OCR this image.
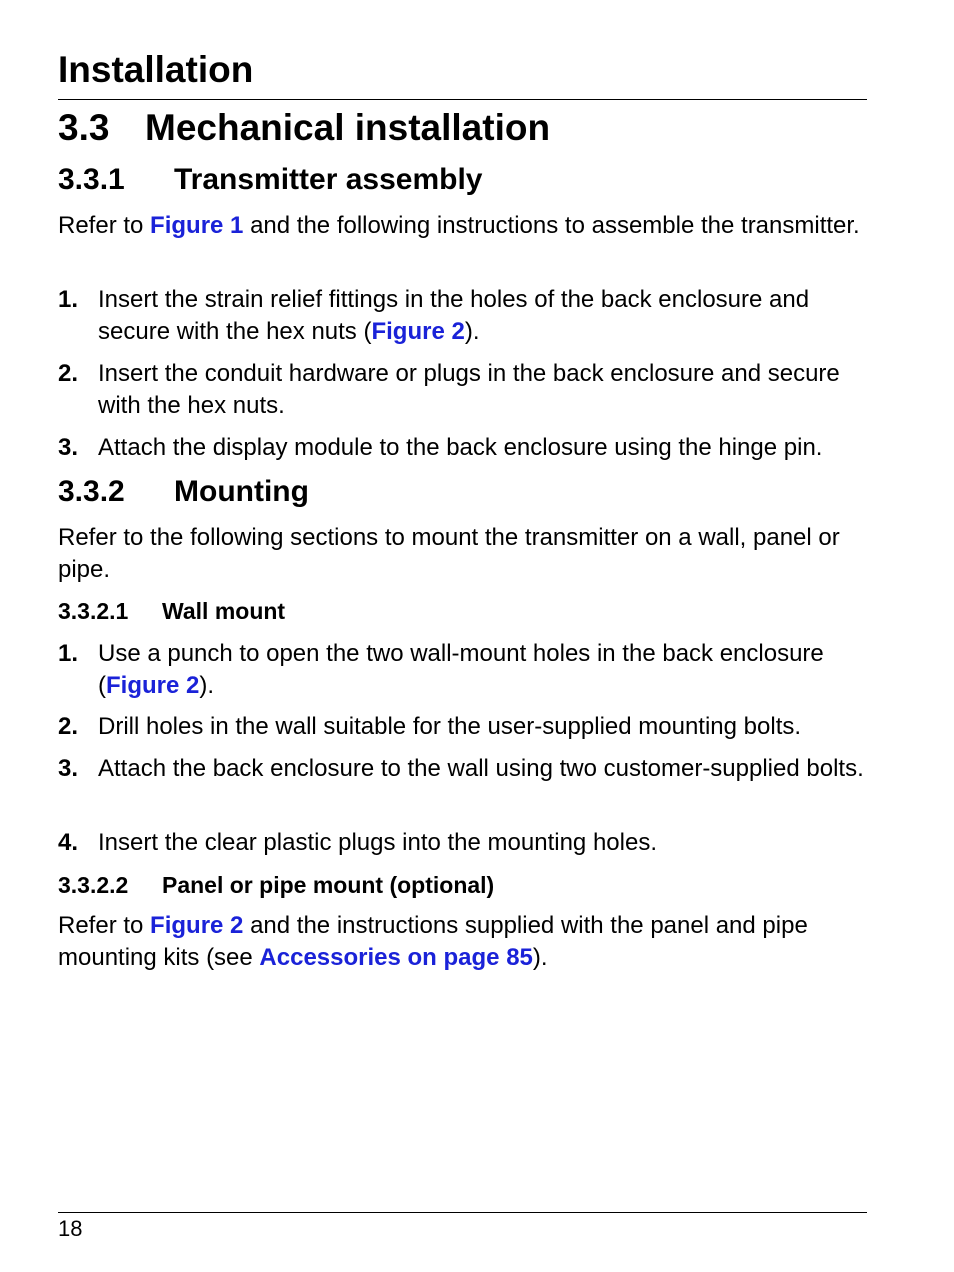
Installation
3.3 Mechanical installation
3.3.1 Transmitter assembly

Refer to Figure 1 and the following instructions to assemble the transmitter.

1. Insert the strain relief fittings in the holes of the back enclosure and secure with the hex nuts (Figure 2).
2. Insert the conduit hardware or plugs in the back enclosure and secure with the hex nuts.
3. Attach the display module to the back enclosure using the hinge pin.
3.3.2 Mounting

Refer to the following sections to mount the transmitter on a wall, panel or pipe.

3.3.2.1 Wall mount
1. Use a punch to open the two wall-mount holes in the back enclosure (Figure 2).
2. Drill holes in the wall suitable for the user-supplied mounting bolts.
3. Attach the back enclosure to the wall using two customer-supplied bolts.
4. Insert the clear plastic plugs into the mounting holes.
3.3.2.2 Panel or pipe mount (optional)

Refer to Figure 2 and the instructions supplied with the panel and pipe mounting kits (see Accessories on page 85).

18
